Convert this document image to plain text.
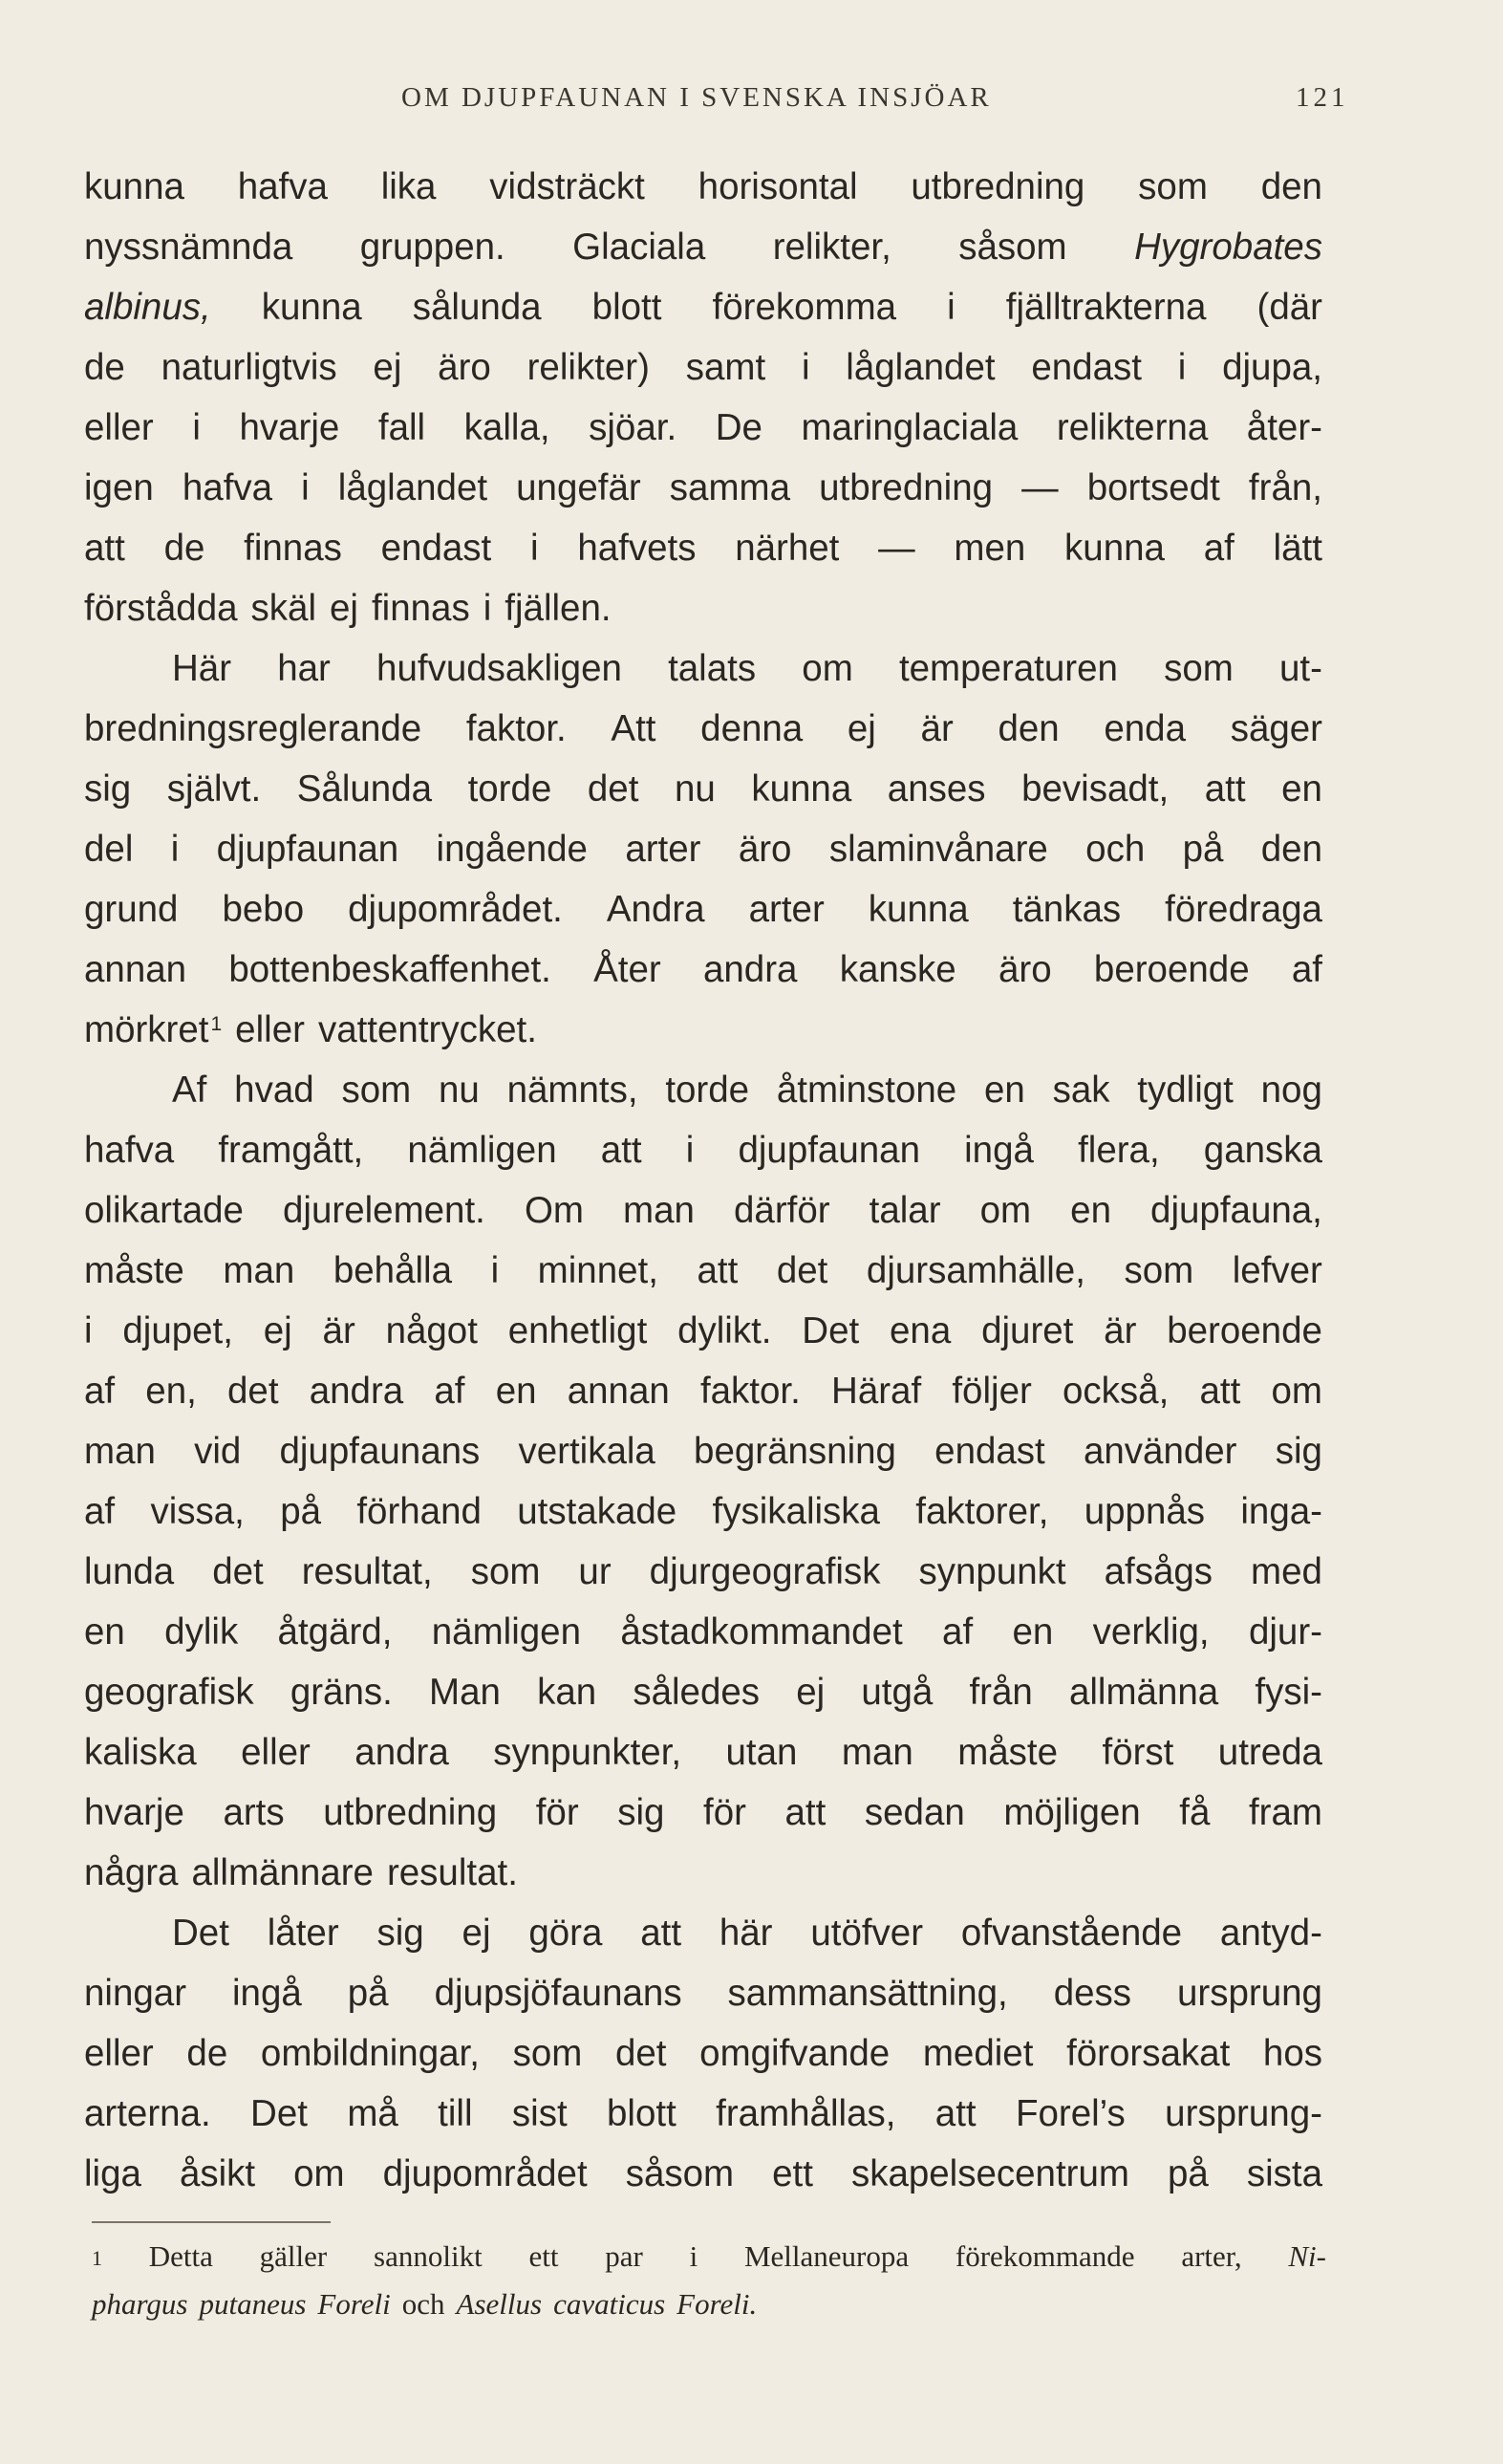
OM DJUPFAUNAN I SVENSKA INSJÖAR	121
kunna hafva lika vidsträckt horisontal utbredning som den
nyssnämnda gruppen. Glaciala relikter, såsom Hygrobates
albinus, kunna sålunda blott förekomma i fjälltrakterna (där
de naturligtvis ej äro relikter) samt i låglandet endast i djupa,
eller i hvarje fall kalla, sjöar. De maringlaciala relikterna åter-
igen hafva i låglandet ungefär samma utbredning — bortsedt från,
att de finnas endast i hafvets närhet — men kunna af lätt
förstådda skäl ej finnas i fjällen.
Här har hufvudsakligen talats om temperaturen som ut-
bredningsreglerande faktor. Att denna ej är den enda säger
sig självt. Sålunda torde det nu kunna anses bevisadt, att en
del i djupfaunan ingående arter äro slaminvånare och på den
grund bebo djupområdet. Andra arter kunna tänkas föredraga
annan bottenbeskaffenhet. Åter andra kanske äro beroende af
mörkret 1 eller vattentrycket.
Af hvad som nu nämnts, torde åtminstone en sak tydligt nog
hafva framgått, nämligen att i djupfaunan ingå flera, ganska
olikartade djurelement. Om man därför talar om en djupfauna,
måste man behålla i minnet, att det djursamhälle, som lefver
i djupet, ej är något enhetligt dylikt. Det ena djuret är beroende
af en, det andra af en annan faktor. Häraf följer också, att om
man vid djupfaunans vertikala begränsning endast använder sig
af vissa, på förhand utstakade fysikaliska faktorer, uppnås inga-
lunda det resultat, som ur djurgeografisk synpunkt afsågs med
en dylik åtgärd, nämligen åstadkommandet af en verklig, djur-
geografisk gräns. Man kan således ej utgå från allmänna fysi-
kaliska eller andra synpunkter, utan man måste först utreda
hvarje arts utbredning för sig för att sedan möjligen få fram
några allmännare resultat.
Det låter sig ej göra att här utöfver ofvanstående antyd-
ningar ingå på djupsjöfaunans sammansättning, dess ursprung
eller de ombildningar, som det omgifvande mediet förorsakat hos
arterna. Det må till sist blott framhållas, att Forel’s ursprung-
liga åsikt om djupområdet såsom ett skapelsecentrum på sista
1 Detta gäller sannolikt ett par i Mellaneuropa förekommande arter, Ni-
phargus putaneus Foreli och Asellus cavaticus Foreli.
